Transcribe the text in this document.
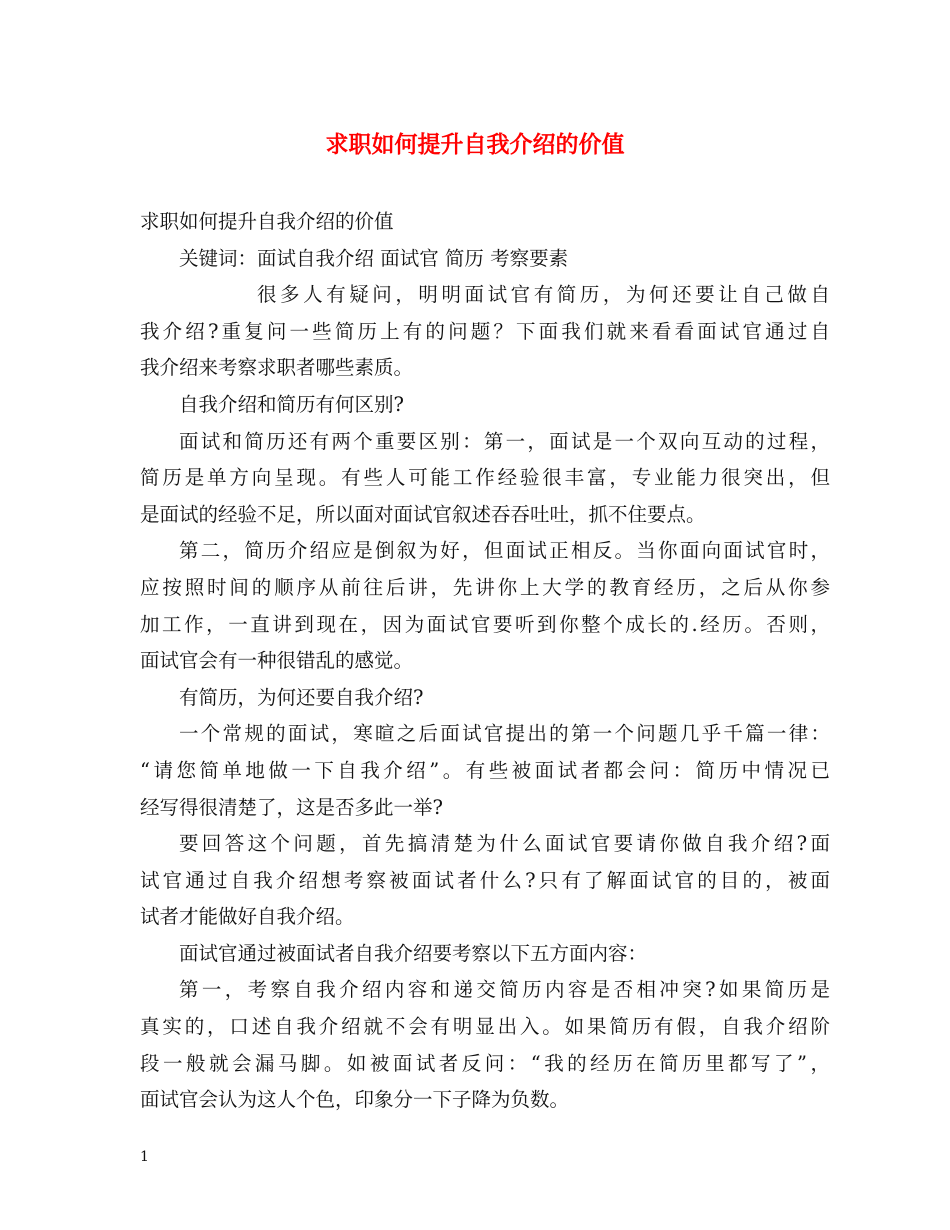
求职如何提升自我介绍的价值
求职如何提升自我介绍的价值
关键词：面试自我介绍 面试官 简历 考察要素
很多人有疑问，明明面试官有简历，为何还要让自己做自
我介绍?重复问一些简历上有的问题？下面我们就来看看面试官通过自
我介绍来考察求职者哪些素质。
自我介绍和简历有何区别?
面试和简历还有两个重要区别：第一，面试是一个双向互动的过程，
简历是单方向呈现。有些人可能工作经验很丰富，专业能力很突出，但
是面试的经验不足，所以面对面试官叙述吞吞吐吐，抓不住要点。
第二，简历介绍应是倒叙为好，但面试正相反。当你面向面试官时，
应按照时间的顺序从前往后讲，先讲你上大学的教育经历，之后从你参
加工作，一直讲到现在，因为面试官要听到你整个成长的.经历。否则，
面试官会有一种很错乱的感觉。
有简历，为何还要自我介绍?
一个常规的面试，寒暄之后面试官提出的第一个问题几乎千篇一律：
“请您简单地做一下自我介绍”。有些被面试者都会问：简历中情况已
经写得很清楚了，这是否多此一举?
要回答这个问题，首先搞清楚为什么面试官要请你做自我介绍?面
试官通过自我介绍想考察被面试者什么?只有了解面试官的目的，被面
试者才能做好自我介绍。
面试官通过被面试者自我介绍要考察以下五方面内容：
第一，考察自我介绍内容和递交简历内容是否相冲突?如果简历是
真实的，口述自我介绍就不会有明显出入。如果简历有假，自我介绍阶
段一般就会漏马脚。如被面试者反问：“我的经历在简历里都写了”，
面试官会认为这人个色，印象分一下子降为负数。
1
